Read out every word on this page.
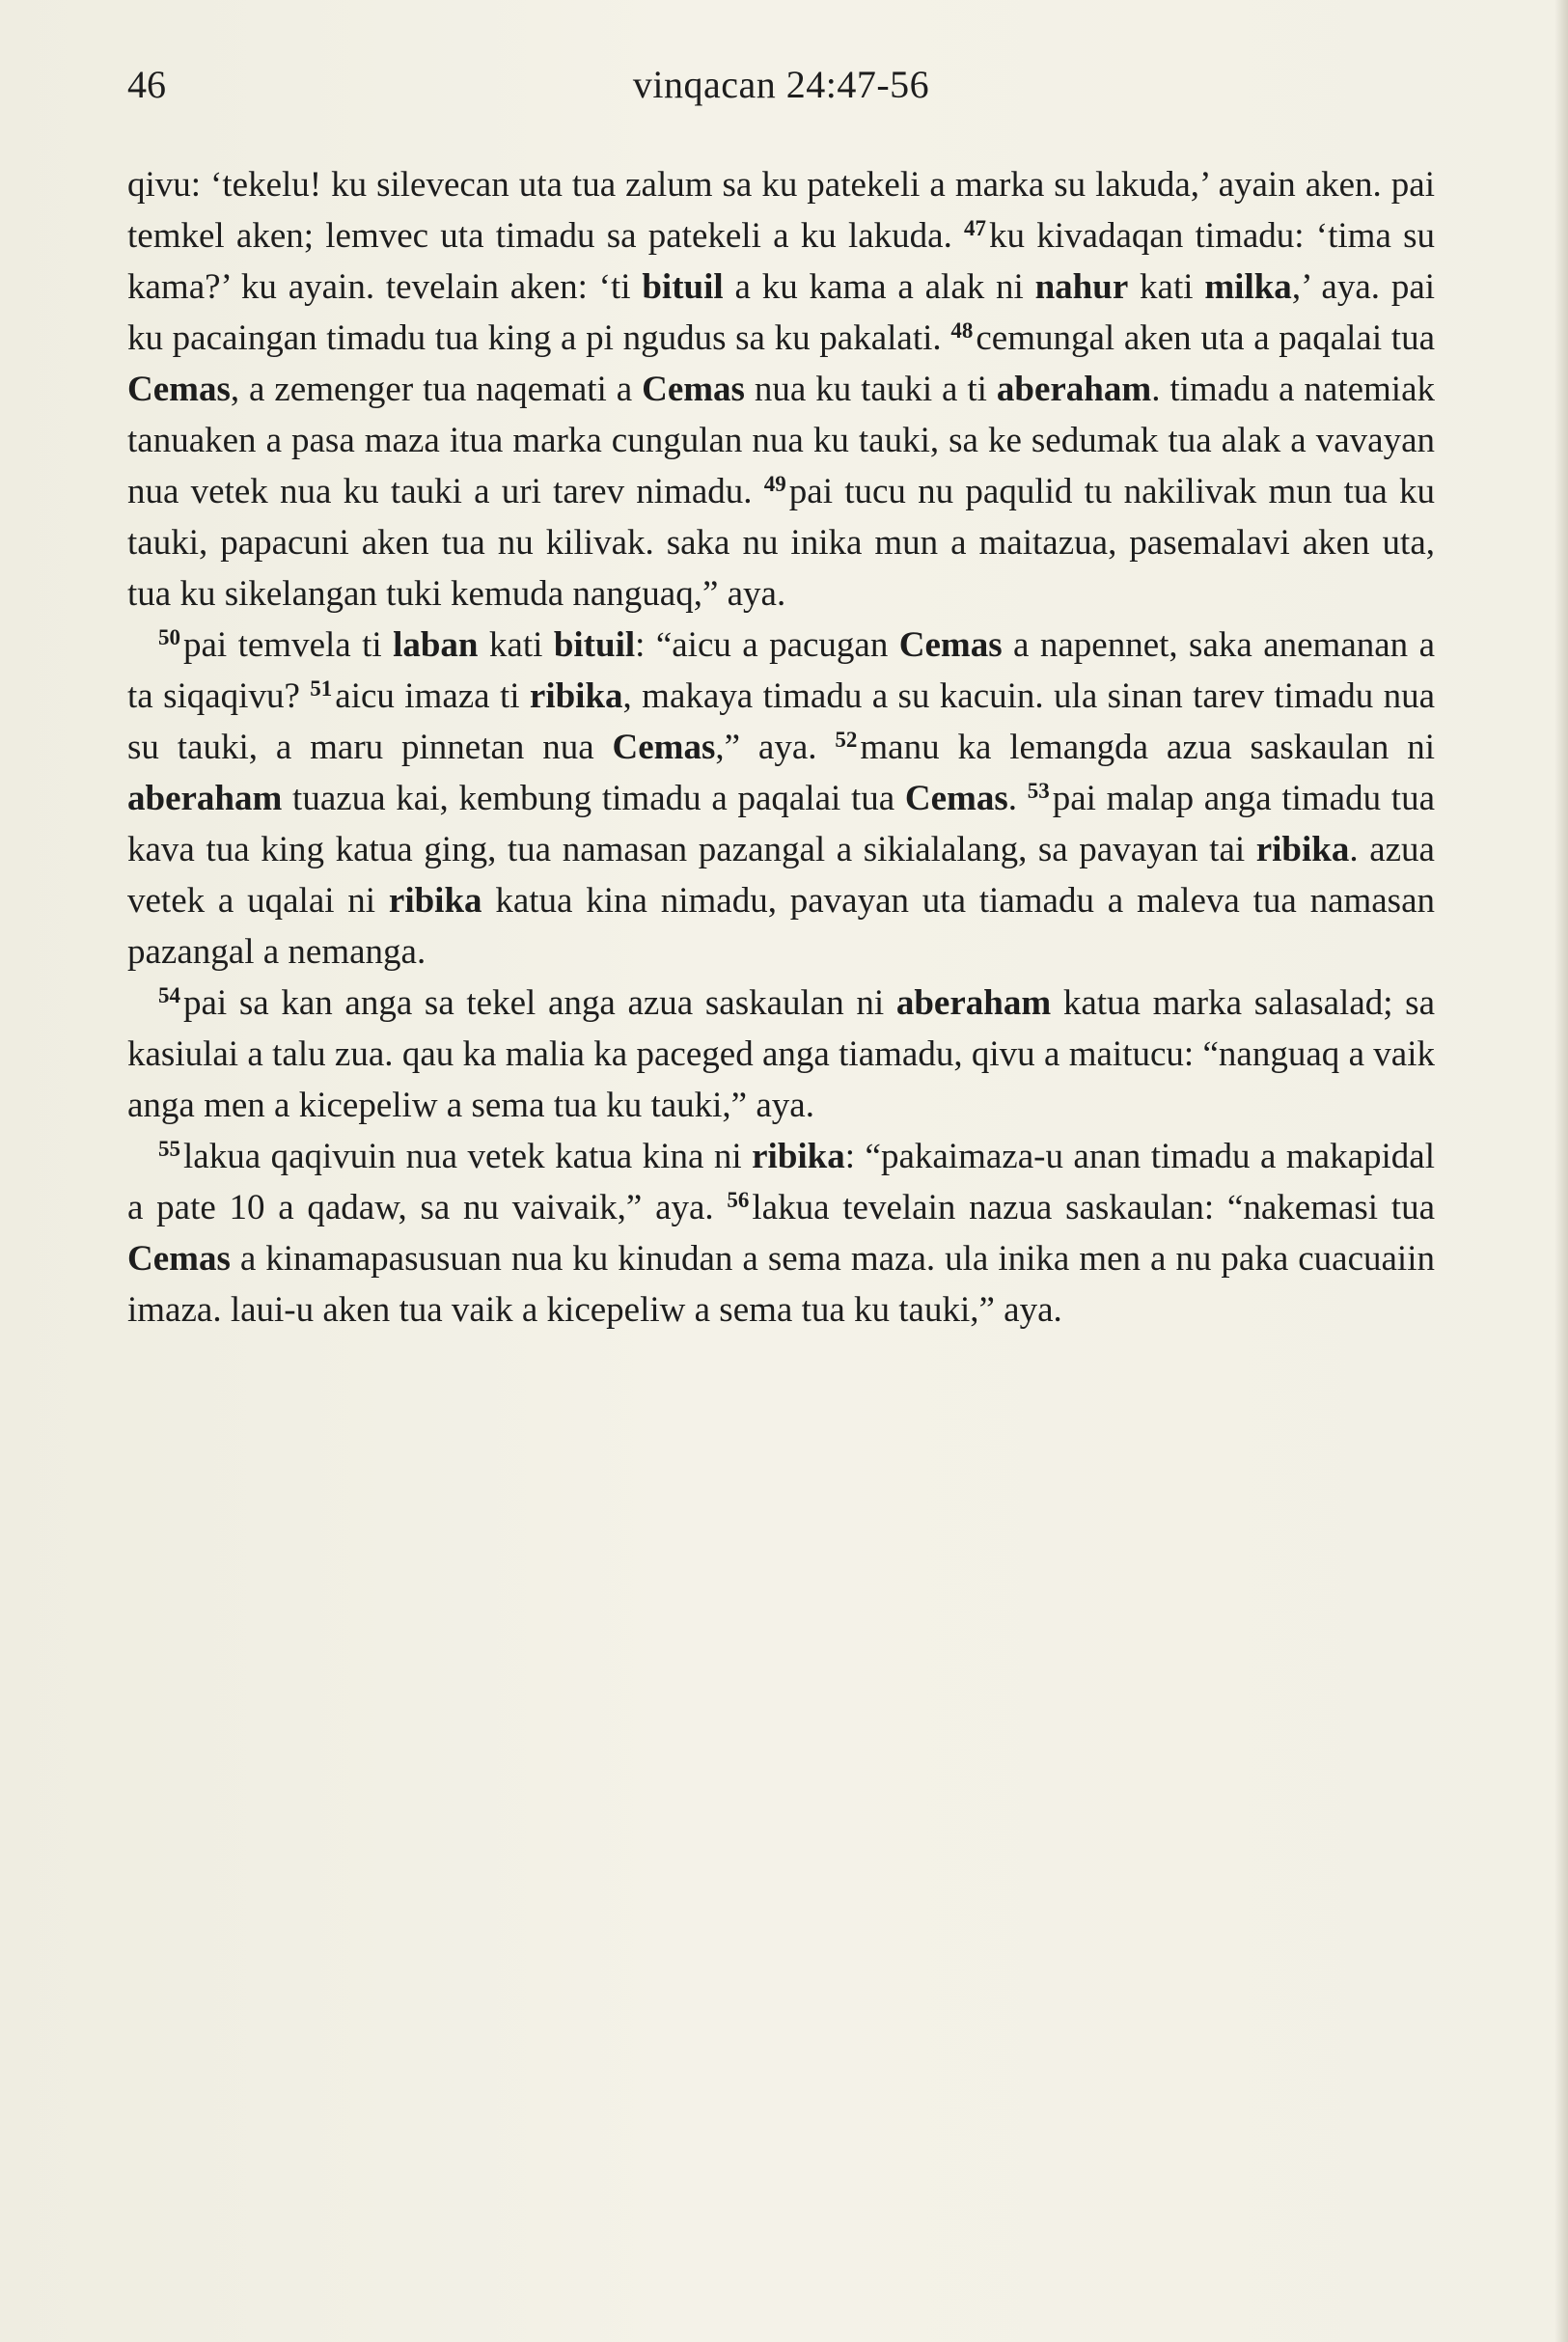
46	vinqacan 24:47-56

qivu: ‘tekelu! ku silevecan uta tua zalum sa ku patekeli a marka su lakuda,’ ayain aken. pai temkel aken; lemvec uta timadu sa patekeli a ku lakuda. $^{47}$ku kivadaqan timadu: ‘tima su kama?’ ku ayain. tevelain aken: ‘ti bituil a ku kama a alak ni nahur kati milka,’ aya. pai ku pacaingan timadu tua king a pi ngudus sa ku pakalati. $^{48}$cemungal aken uta a paqalai tua Cemas, a zemenger tua naqemati a Cemas nua ku tauki a ti aberaham. timadu a natemiak tanuaken a pasa maza itua marka cungulan nua ku tauki, sa ke sedumak tua alak a vavayan nua vetek nua ku tauki a uri tarev nimadu. $^{49}$pai tucu nu paqulid tu nakilivak mun tua ku tauki, papacuni aken tua nu kilivak. saka nu inika mun a maitazua, pasemalavi aken uta, tua ku sikelangan tuki kemuda nanguaq,” aya.

$^{50}$pai temvela ti laban kati bituil: “aicu a pacugan Cemas a napennet, saka anemanan a ta siqaqivu? $^{51}$aicu imaza ti ribika, makaya timadu a su kacuin. ula sinan tarev timadu nua su tauki, a maru pinnetan nua Cemas,” aya. $^{52}$manu ka lemangda azua saskaulan ni aberaham tuazua kai, kembung timadu a paqalai tua Cemas. $^{53}$pai malap anga timadu tua kava tua king katua ging, tua namasan pazangal a sikialalang, sa pavayan tai ribika. azua vetek a uqalai ni ribika katua kina nimadu, pavayan uta tiamadu a maleva tua namasan pazangal a nemanga.

$^{54}$pai sa kan anga sa tekel anga azua saskaulan ni aberaham katua marka salasalad; sa kasiulai a talu zua. qau ka malia ka paceged anga tiamadu, qivu a maitucu: “nanguaq a vaik anga men a kicepeliw a sema tua ku tauki,” aya.

$^{55}$lakua qaqivuin nua vetek katua kina ni ribika: “pakaimaza-u anan timadu a makapidal a pate 10 a qadaw, sa nu vaivaik,” aya. $^{56}$lakua tevelain nazua saskaulan: “nakemasi tua Cemas a kinamapasusuan nua ku kinudan a sema maza. ula inika men a nu paka cuacuaiin imaza. laui-u aken tua vaik a kicepeliw a sema tua ku tauki,” aya.
